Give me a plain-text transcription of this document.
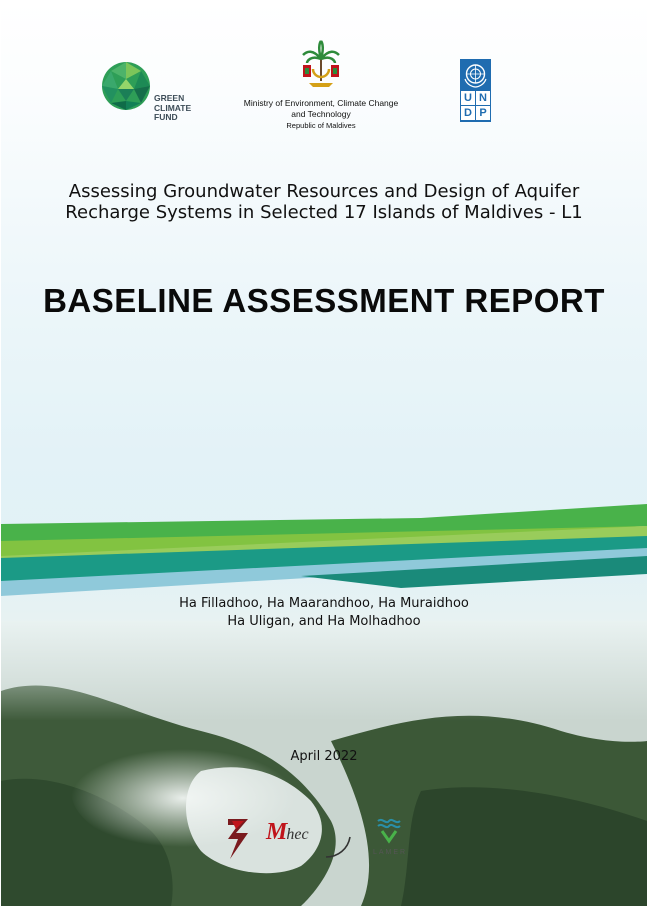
GREEN
CLIMATE
FUND
Ministry of Environment, Climate Change
and Technology
Republic of Maldives
U N
D P
Assessing Groundwater Resources and Design of Aquifer
Recharge Systems in Selected 17 Islands of Maldives - L1
BASELINE ASSESSMENT REPORT
Ha Filladhoo, Ha Maarandhoo, Ha Muraidhoo
Ha Uligan, and Ha Molhadhoo
April 2022
Mhec
LAMER
